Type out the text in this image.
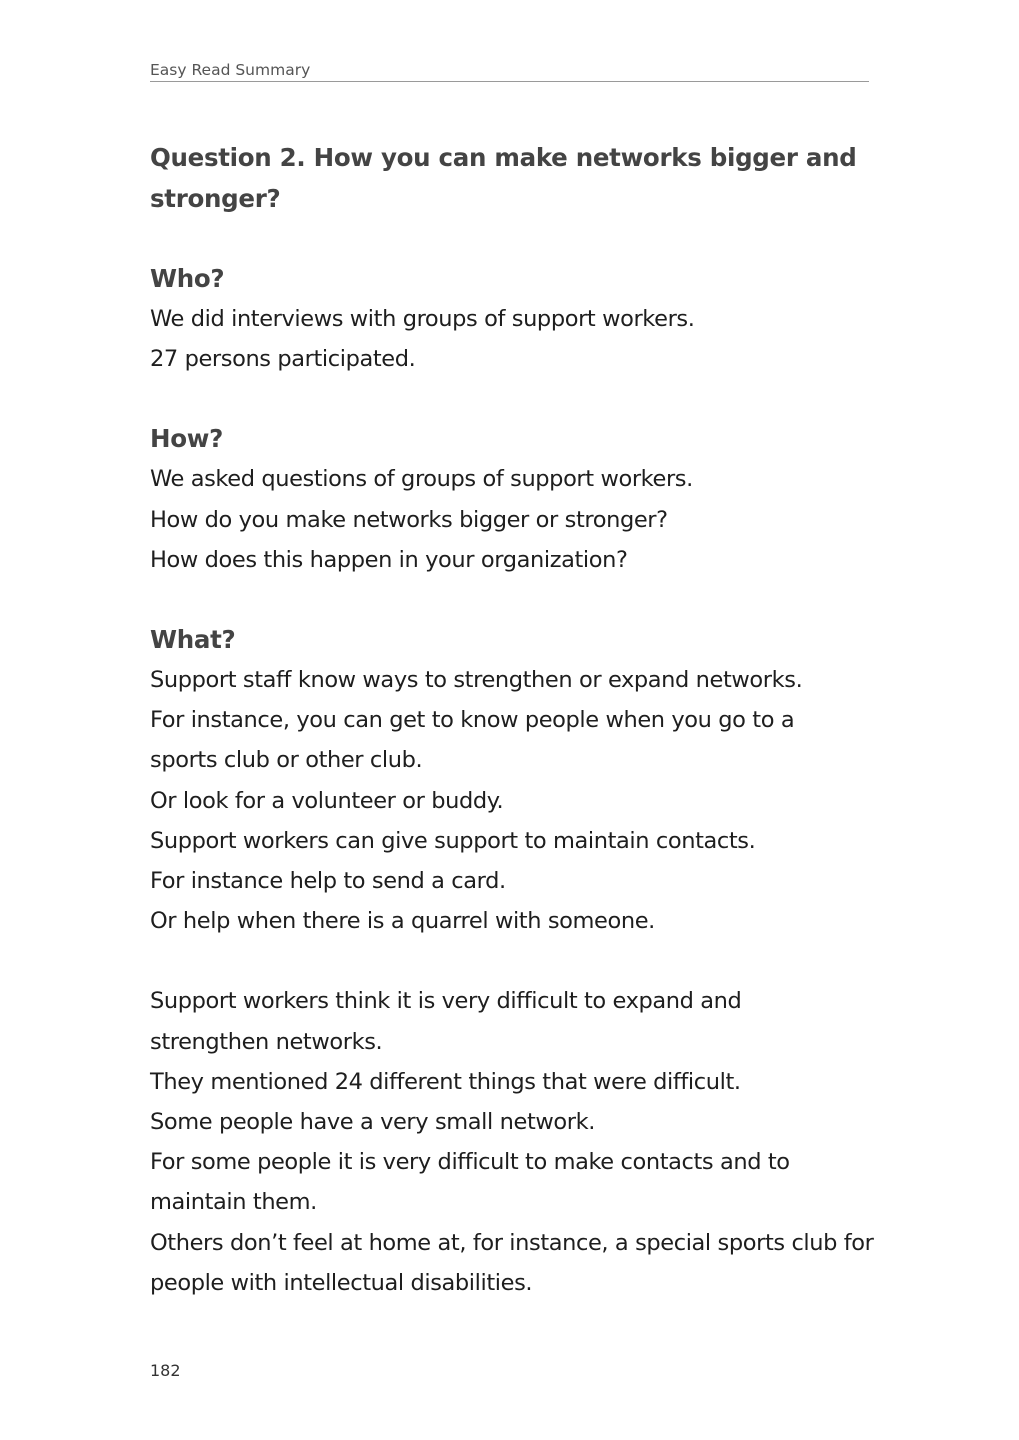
Easy Read Summary
Question 2. How you can make networks bigger and stronger?
Who?
We did interviews with groups of support workers.
27 persons participated.
How?
We asked questions of groups of support workers.
How do you make networks bigger or stronger?
How does this happen in your organization?
What?
Support staff know ways to strengthen or expand networks.
For instance, you can get to know people when you go to a
sports club or other club.
Or look for a volunteer or buddy.
Support workers can give support to maintain contacts.
For instance help to send a card.
Or help when there is a quarrel with someone.
Support workers think it is very difficult to expand and
strengthen networks.
They mentioned 24 different things that were difficult.
Some people have a very small network.
For some people it is very difficult to make contacts and to
maintain them.
Others don’t feel at home at, for instance, a special sports club for
people with intellectual disabilities.
182
